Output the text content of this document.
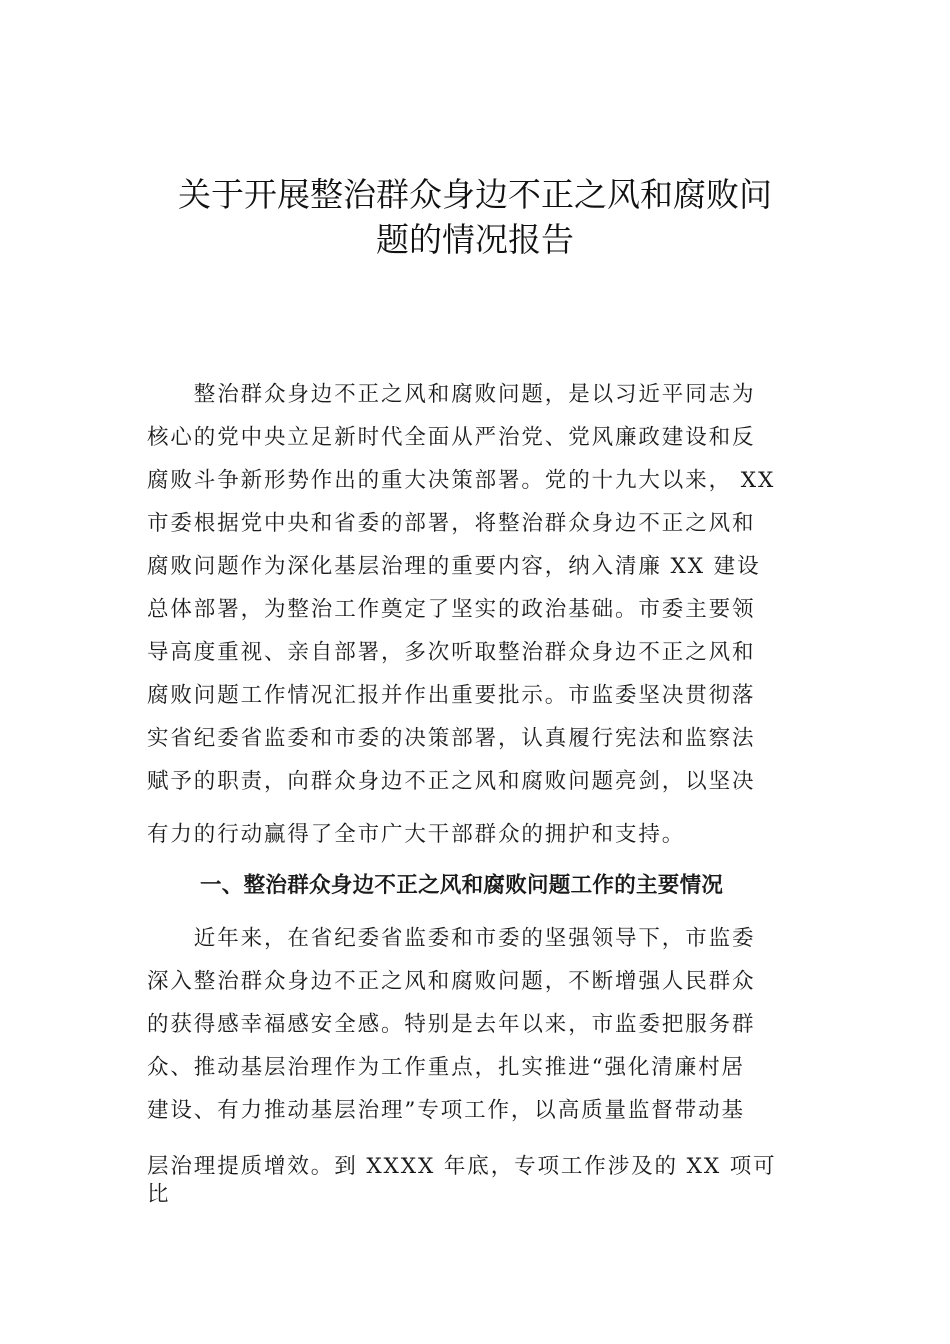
关于开展整治群众身边不正之风和腐败问
题的情况报告
　　整治群众身边不正之风和腐败问题，是以习近平同志为
核心的党中央立足新时代全面从严治党、党风廉政建设和反
腐败斗争新形势作出的重大决策部署。党的十九大以来， XX
市委根据党中央和省委的部署，将整治群众身边不正之风和
腐败问题作为深化基层治理的重要内容，纳入清廉 XX 建设
总体部署，为整治工作奠定了坚实的政治基础。市委主要领
导高度重视、亲自部署，多次听取整治群众身边不正之风和
腐败问题工作情况汇报并作出重要批示。市监委坚决贯彻落
实省纪委省监委和市委的决策部署，认真履行宪法和监察法
赋予的职责，向群众身边不正之风和腐败问题亮剑，以坚决
有力的行动赢得了全市广大干部群众的拥护和支持。
一、整治群众身边不正之风和腐败问题工作的主要情况
　　近年来，在省纪委省监委和市委的坚强领导下，市监委
深入整治群众身边不正之风和腐败问题，不断增强人民群众
的获得感幸福感安全感。特别是去年以来，市监委把服务群
众、推动基层治理作为工作重点，扎实推进“强化清廉村居
建设、有力推动基层治理”专项工作，以高质量监督带动基
层治理提质增效。到 XXXX 年底，专项工作涉及的 XX 项可
比
